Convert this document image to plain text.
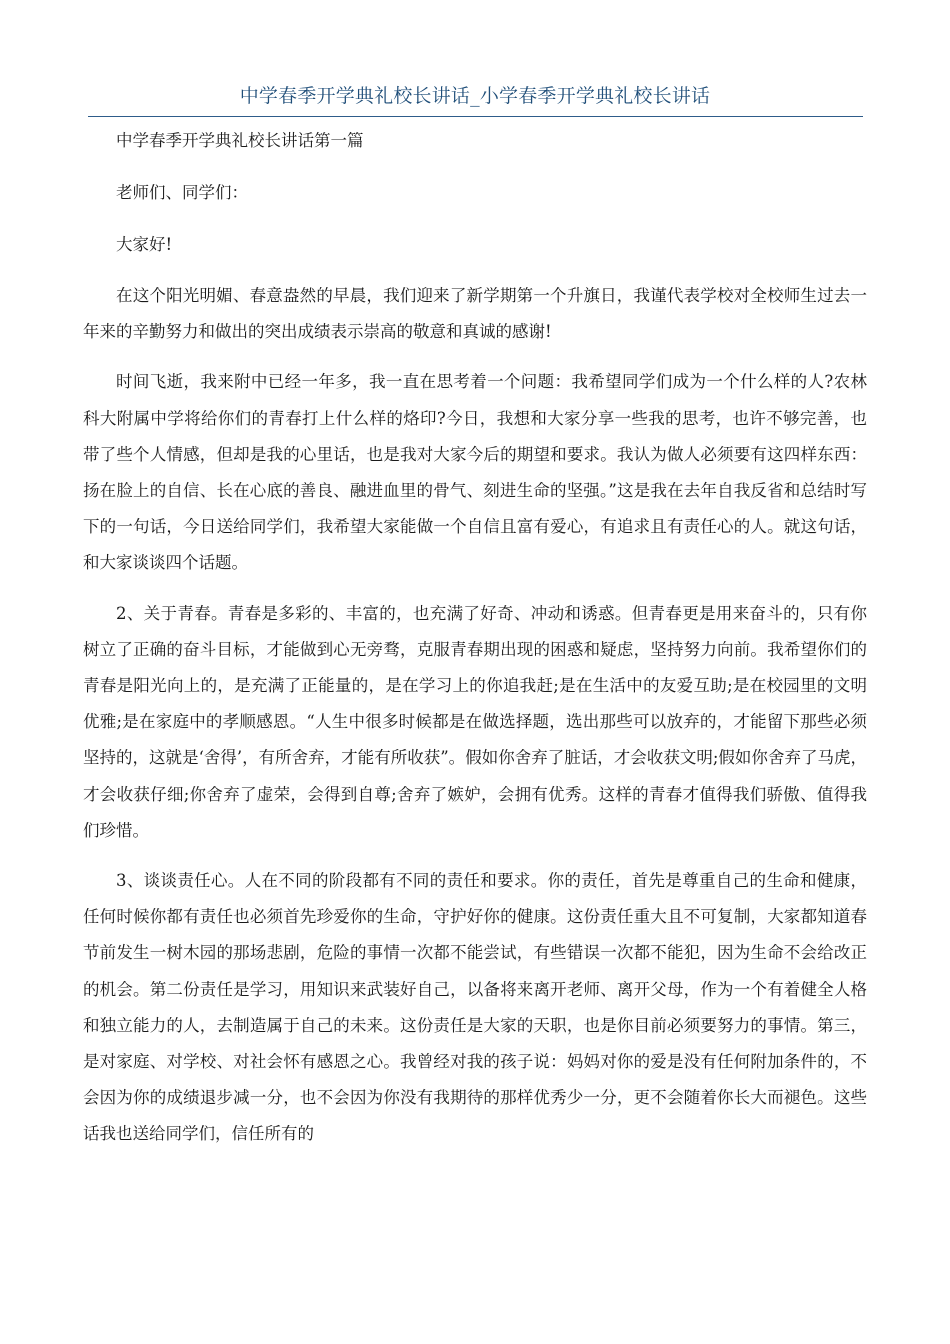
中学春季开学典礼校长讲话_小学春季开学典礼校长讲话

中学春季开学典礼校长讲话第一篇

老师们、同学们：

大家好!

在这个阳光明媚、春意盎然的早晨，我们迎来了新学期第一个升旗日，我谨代表学校对全校师生过去一年来的辛勤努力和做出的突出成绩表示崇高的敬意和真诚的感谢!

时间飞逝，我来附中已经一年多，我一直在思考着一个问题：我希望同学们成为一个什么样的人?农林科大附属中学将给你们的青春打上什么样的烙印?今日，我想和大家分享一些我的思考，也许不够完善，也带了些个人情感，但却是我的心里话，也是我对大家今后的期望和要求。我认为做人必须要有这四样东西：扬在脸上的自信、长在心底的善良、融进血里的骨气、刻进生命的坚强。”这是我在去年自我反省和总结时写下的一句话，今日送给同学们，我希望大家能做一个自信且富有爱心，有追求且有责任心的人。就这句话，和大家谈谈四个话题。

2、关于青春。青春是多彩的、丰富的，也充满了好奇、冲动和诱惑。但青春更是用来奋斗的，只有你树立了正确的奋斗目标，才能做到心无旁骛，克服青春期出现的困惑和疑虑，坚持努力向前。我希望你们的青春是阳光向上的，是充满了正能量的，是在学习上的你追我赶;是在生活中的友爱互助;是在校园里的文明优雅;是在家庭中的孝顺感恩。“人生中很多时候都是在做选择题，选出那些可以放弃的，才能留下那些必须坚持的，这就是‘舍得’，有所舍弃，才能有所收获”。假如你舍弃了脏话，才会收获文明;假如你舍弃了马虎，才会收获仔细;你舍弃了虚荣，会得到自尊;舍弃了嫉妒，会拥有优秀。这样的青春才值得我们骄傲、值得我们珍惜。

3、谈谈责任心。人在不同的阶段都有不同的责任和要求。你的责任，首先是尊重自己的生命和健康，任何时候你都有责任也必须首先珍爱你的生命，守护好你的健康。这份责任重大且不可复制，大家都知道春节前发生一树木园的那场悲剧，危险的事情一次都不能尝试，有些错误一次都不能犯，因为生命不会给改正的机会。第二份责任是学习，用知识来武装好自己，以备将来离开老师、离开父母，作为一个有着健全人格和独立能力的人，去制造属于自己的未来。这份责任是大家的天职，也是你目前必须要努力的事情。第三，是对家庭、对学校、对社会怀有感恩之心。我曾经对我的孩子说：妈妈对你的爱是没有任何附加条件的，不会因为你的成绩退步减一分，也不会因为你没有我期待的那样优秀少一分，更不会随着你长大而褪色。这些话我也送给同学们，信任所有的
